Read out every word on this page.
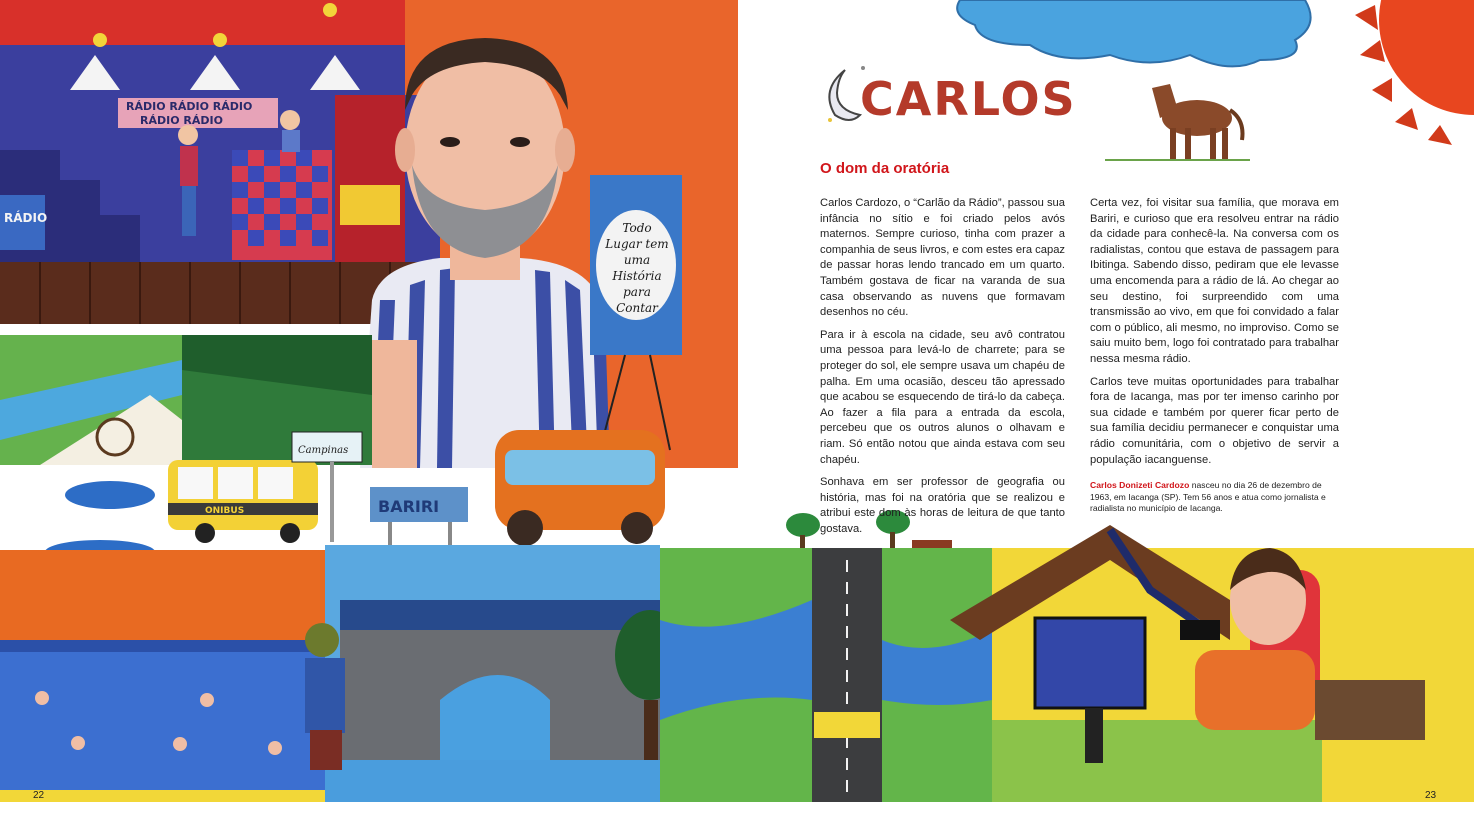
RÁDIO RÁDIO RÁDIO
RÁDIO RÁDIO
RÁDIO
Campinas
ONIBUS	BARIRI
Todo Lugar tem uma História para Contar
CARLOS
O dom da oratória

Carlos Cardozo, o “Carlão da Rádio”, passou sua infância no sítio e foi criado pelos avós maternos. Sempre curioso, tinha com prazer a companhia de seus livros, e com estes era capaz de passar horas lendo trancado em um quarto. Também gostava de ficar na varanda de sua casa observando as nuvens que formavam desenhos no céu.

Para ir à escola na cidade, seu avô contratou uma pessoa para levá-lo de charrete; para se proteger do sol, ele sempre usava um chapéu de palha. Em uma ocasião, desceu tão apressado que acabou se esquecendo de tirá-lo da cabeça. Ao fazer a fila para a entrada da escola, percebeu que os outros alunos o olhavam e riam. Só então notou que ainda estava com seu chapéu.

Sonhava em ser professor de geografia ou história, mas foi na oratória que se realizou e atribui este dom às horas de leitura de que tanto gostava.

Certa vez, foi visitar sua família, que morava em Bariri, e curioso que era resolveu entrar na rádio da cidade para conhecê-la. Na conversa com os radialistas, contou que estava de passagem para Ibitinga. Sabendo disso, pediram que ele levasse uma encomenda para a rádio de lá. Ao chegar ao seu destino, foi surpreendido com uma transmissão ao vivo, em que foi convidado a falar com o público, ali mesmo, no improviso. Como se saiu muito bem, logo foi contratado para trabalhar nessa mesma rádio.

Carlos teve muitas oportunidades para trabalhar fora de Iacanga, mas por ter imenso carinho por sua cidade e também por querer ficar perto de sua família decidiu permanecer e conquistar uma rádio comunitária, com o objetivo de servir a população iacanguense.

Carlos Donizeti Cardozo nasceu no dia 26 de dezembro de 1963, em Iacanga (SP). Tem 56 anos e atua como jornalista e radialista no município de Iacanga.

22	23
